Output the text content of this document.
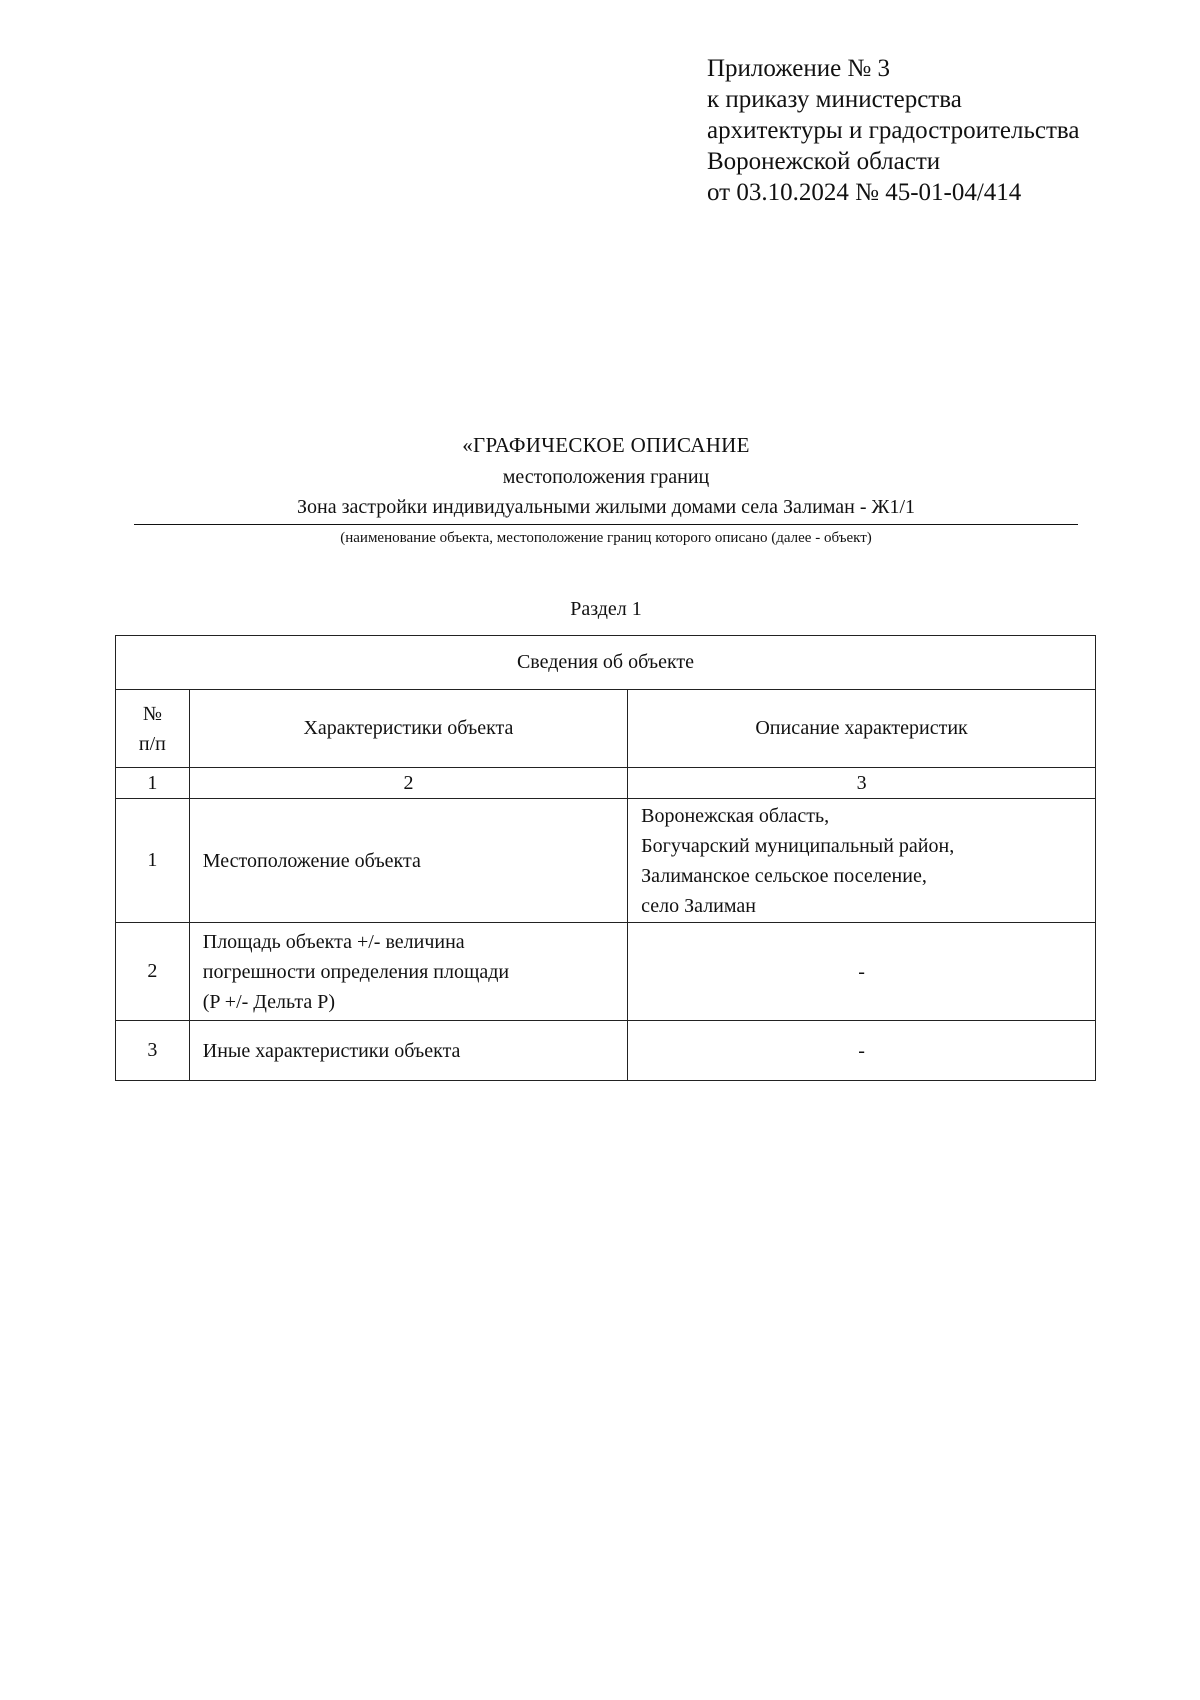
Приложение № 3
к приказу министерства
архитектуры и градостроительства
Воронежской области
от 03.10.2024 № 45-01-04/414
«ГРАФИЧЕСКОЕ ОПИСАНИЕ
местоположения границ
Зона застройки индивидуальными жилыми домами села Залиман - Ж1/1
(наименование объекта, местоположение границ которого описано (далее - объект)
Раздел 1
Сведения об объекте		

№
п/п	Характеристики объекта	Описание характеристик
1	2	3
1	Местоположение объекта	Воронежская область,
Богучарский муниципальный район,
Залиманское сельское поселение,
село Залиман

2	Площадь объекта +/- величина
погрешности определения площади
(P +/- Дельта P)	-

3	Иные характеристики объекта	-
